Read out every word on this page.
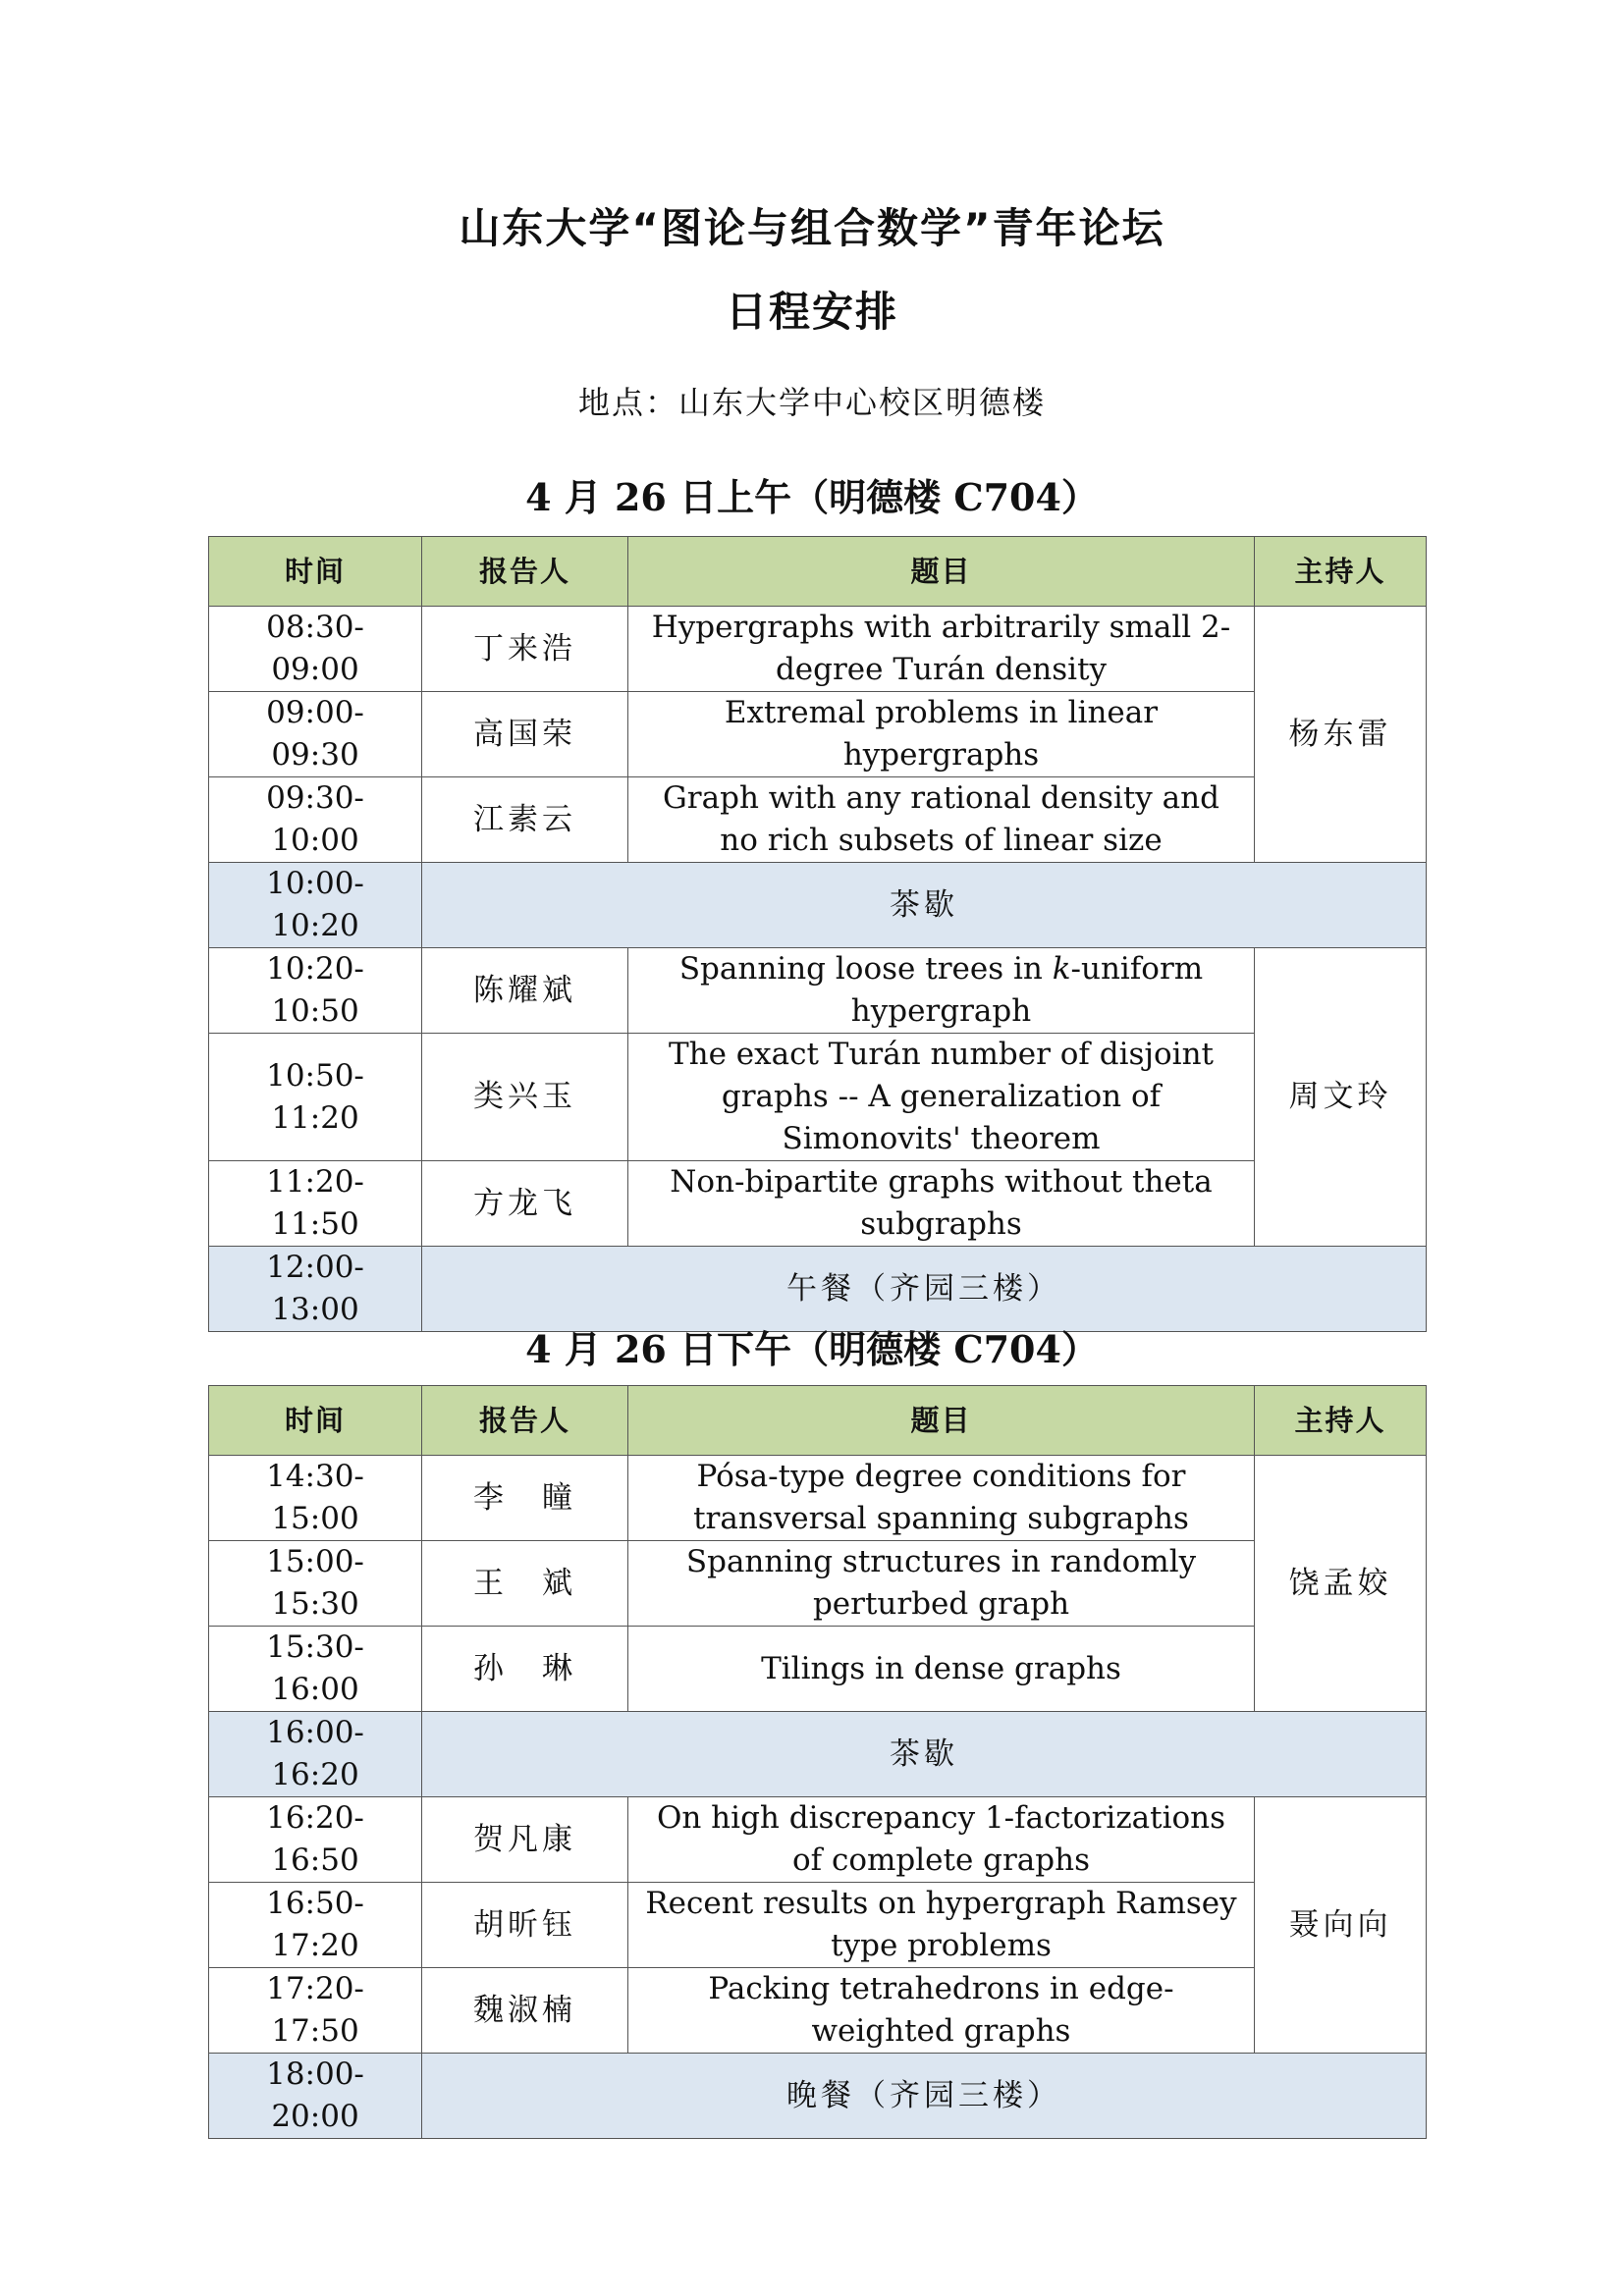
山东大学“图论与组合数学”青年论坛
日程安排
地点：山东大学中心校区明德楼
4 月 26 日上午（明德楼 C704）
时间	报告人	题目	主持人
08:30-09:00	丁来浩	Hypergraphs with arbitrarily small 2-degree Turán density	杨东雷
09:00-09:30	高国荣	Extremal problems in linear hypergraphs	
09:30-10:00	江素云	Graph with any rational density and no rich subsets of linear size	
10:00-10:20	茶歇		
10:20-10:50	陈耀斌	Spanning loose trees in k-uniform hypergraph	周文玲
10:50-11:20	类兴玉	The exact Turán number of disjoint graphs -- A generalization of Simonovits' theorem	
11:20-11:50	方龙飞	Non-bipartite graphs without theta subgraphs	
12:00-13:00	午餐（齐园三楼）		
4 月 26 日下午（明德楼 C704）
时间	报告人	题目	主持人
14:30-15:00	李　瞳	Pósa-type degree conditions for transversal spanning subgraphs	饶孟姣
15:00-15:30	王　斌	Spanning structures in randomly perturbed graph	
15:30-16:00	孙　琳	Tilings in dense graphs	
16:00-16:20	茶歇		
16:20-16:50	贺凡康	On high discrepancy 1-factorizations of complete graphs	聂向向
16:50-17:20	胡昕钰	Recent results on hypergraph Ramsey type problems	
17:20-17:50	魏淑楠	Packing tetrahedrons in edge-weighted graphs	
18:00-20:00	晚餐（齐园三楼）		
